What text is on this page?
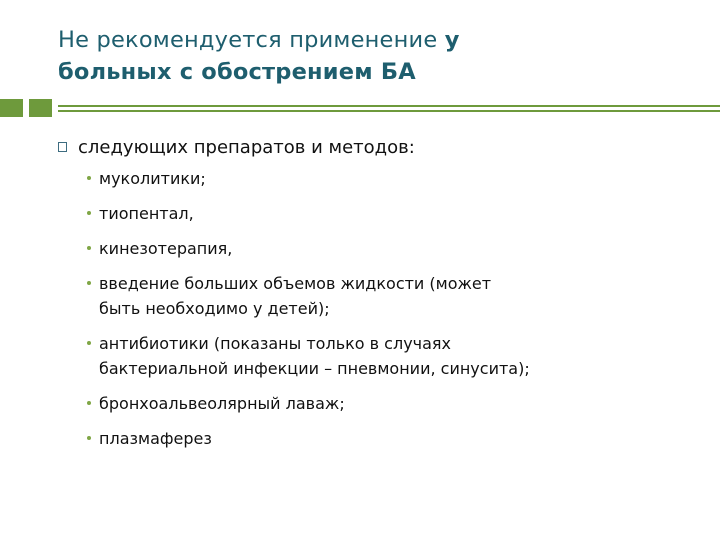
Не рекомендуется применение у
больных с обострением БА
следующих препаратов и методов:
муколитики;
тиопентал,
кинезотерапия,
введение больших объемов жидкости (может
быть необходимо у детей);
антибиотики (показаны только в случаях
бактериальной инфекции – пневмонии, синусита);
бронхоальвеолярный лаваж;
плазмаферез
